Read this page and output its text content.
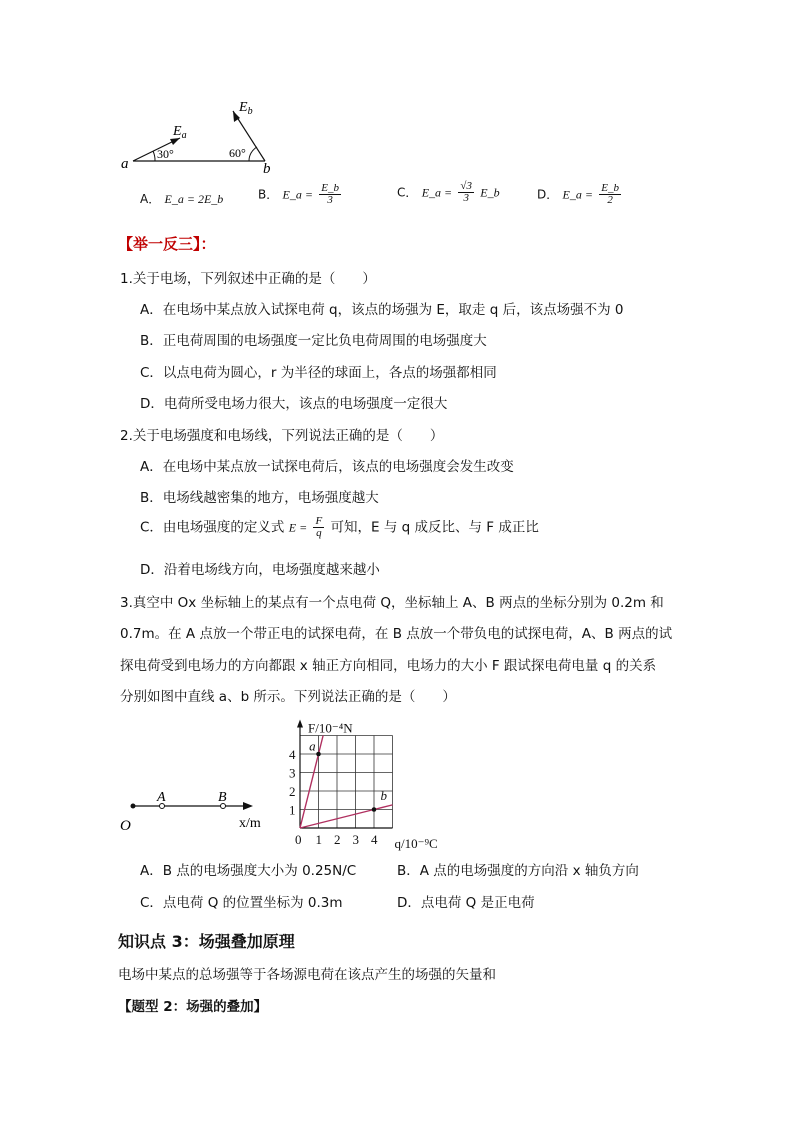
a	b
$E_a$
$E_b$
30°	60°
A． E_a = 2E_b	B． E_a = $\frac{E\_b}{3}$	C． E_a = $\frac{√3}{3}$ E_b	D． E_a = $\frac{E\_b}{2}$
【举一反三】：
1.关于电场，下列叙述中正确的是（　　）
A．在电场中某点放入试探电荷 q，该点的场强为 E，取走 q 后，该点场强不为 0
B．正电荷周围的电场强度一定比负电荷周围的电场强度大
C．以点电荷为圆心，r 为半径的球面上，各点的场强都相同
D．电荷所受电场力很大，该点的电场强度一定很大
2.关于电场强度和电场线，下列说法正确的是（　　）
A．在电场中某点放一试探电荷后，该点的电场强度会发生改变
B．电场线越密集的地方，电场强度越大
C．由电场强度的定义式 $E = \frac{F}{q}$ 可知，E 与 q 成反比、与 F 成正比
D．沿着电场线方向，电场强度越来越小
3.真空中 Ox 坐标轴上的某点有一个点电荷 Q，坐标轴上 A、B 两点的坐标分别为 0.2m 和
0.7m。在 A 点放一个带正电的试探电荷，在 B 点放一个带负电的试探电荷，A、B 两点的试
探电荷受到电场力的方向都跟 x 轴正方向相同，电场力的大小 F 跟试探电荷电量 q 的关系
分别如图中直线 a、b 所示。下列说法正确的是（　　）
O
A	B
x/m
a
b
0 1 2 3 4
1
2
3
4
F/10⁻⁴N
q/10⁻⁹C
A．B 点的电场强度大小为 0.25N/C	B．A 点的电场强度的方向沿 x 轴负方向
C．点电荷 Q 的位置坐标为 0.3m	D．点电荷 Q 是正电荷
知识点 3：场强叠加原理
电场中某点的总场强等于各场源电荷在该点产生的场强的矢量和
【题型 2：场强的叠加】
